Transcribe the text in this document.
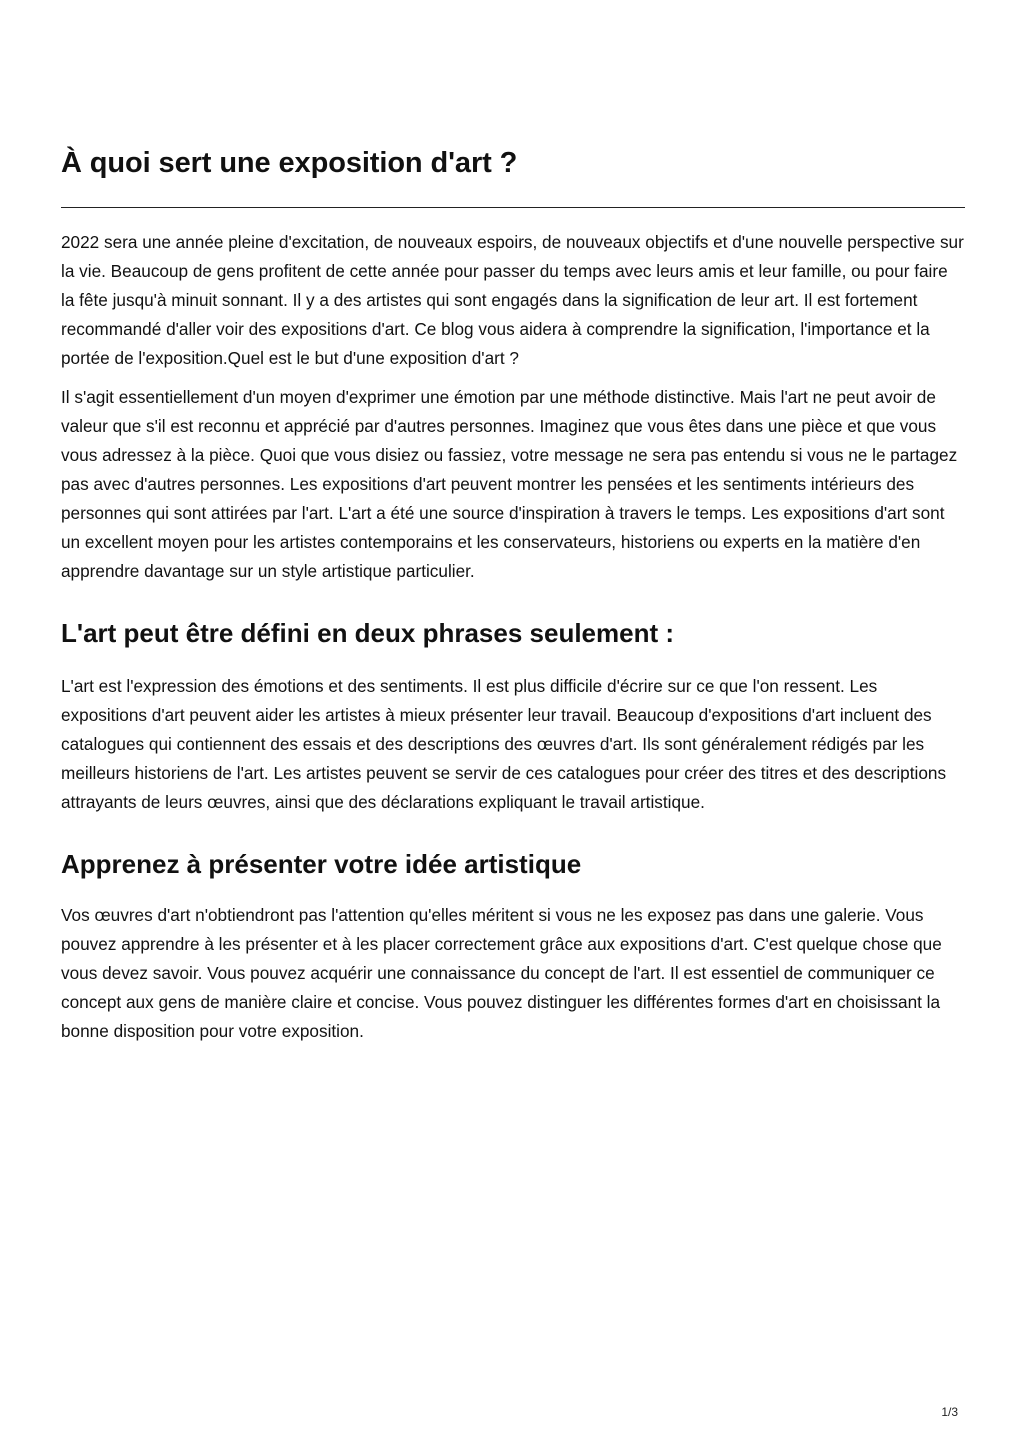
À quoi sert une exposition d'art ?

2022 sera une année pleine d'excitation, de nouveaux espoirs, de nouveaux objectifs et d'une nouvelle perspective sur la vie. Beaucoup de gens profitent de cette année pour passer du temps avec leurs amis et leur famille, ou pour faire la fête jusqu'à minuit sonnant. Il y a des artistes qui sont engagés dans la signification de leur art. Il est fortement recommandé d'aller voir des expositions d'art. Ce blog vous aidera à comprendre la signification, l'importance et la portée de l'exposition.Quel est le but d'une exposition d'art ?

Il s'agit essentiellement d'un moyen d'exprimer une émotion par une méthode distinctive. Mais l'art ne peut avoir de valeur que s'il est reconnu et apprécié par d'autres personnes. Imaginez que vous êtes dans une pièce et que vous vous adressez à la pièce. Quoi que vous disiez ou fassiez, votre message ne sera pas entendu si vous ne le partagez pas avec d'autres personnes. Les expositions d'art peuvent montrer les pensées et les sentiments intérieurs des personnes qui sont attirées par l'art. L'art a été une source d'inspiration à travers le temps. Les expositions d'art sont un excellent moyen pour les artistes contemporains et les conservateurs, historiens ou experts en la matière d'en apprendre davantage sur un style artistique particulier.

L'art peut être défini en deux phrases seulement :

L'art est l'expression des émotions et des sentiments. Il est plus difficile d'écrire sur ce que l'on ressent. Les expositions d'art peuvent aider les artistes à mieux présenter leur travail. Beaucoup d'expositions d'art incluent des catalogues qui contiennent des essais et des descriptions des œuvres d'art. Ils sont généralement rédigés par les meilleurs historiens de l'art. Les artistes peuvent se servir de ces catalogues pour créer des titres et des descriptions attrayants de leurs œuvres, ainsi que des déclarations expliquant le travail artistique.

Apprenez à présenter votre idée artistique

Vos œuvres d'art n'obtiendront pas l'attention qu'elles méritent si vous ne les exposez pas dans une galerie. Vous pouvez apprendre à les présenter et à les placer correctement grâce aux expositions d'art. C'est quelque chose que vous devez savoir. Vous pouvez acquérir une connaissance du concept de l'art. Il est essentiel de communiquer ce concept aux gens de manière claire et concise. Vous pouvez distinguer les différentes formes d'art en choisissant la bonne disposition pour votre exposition.

1/3
